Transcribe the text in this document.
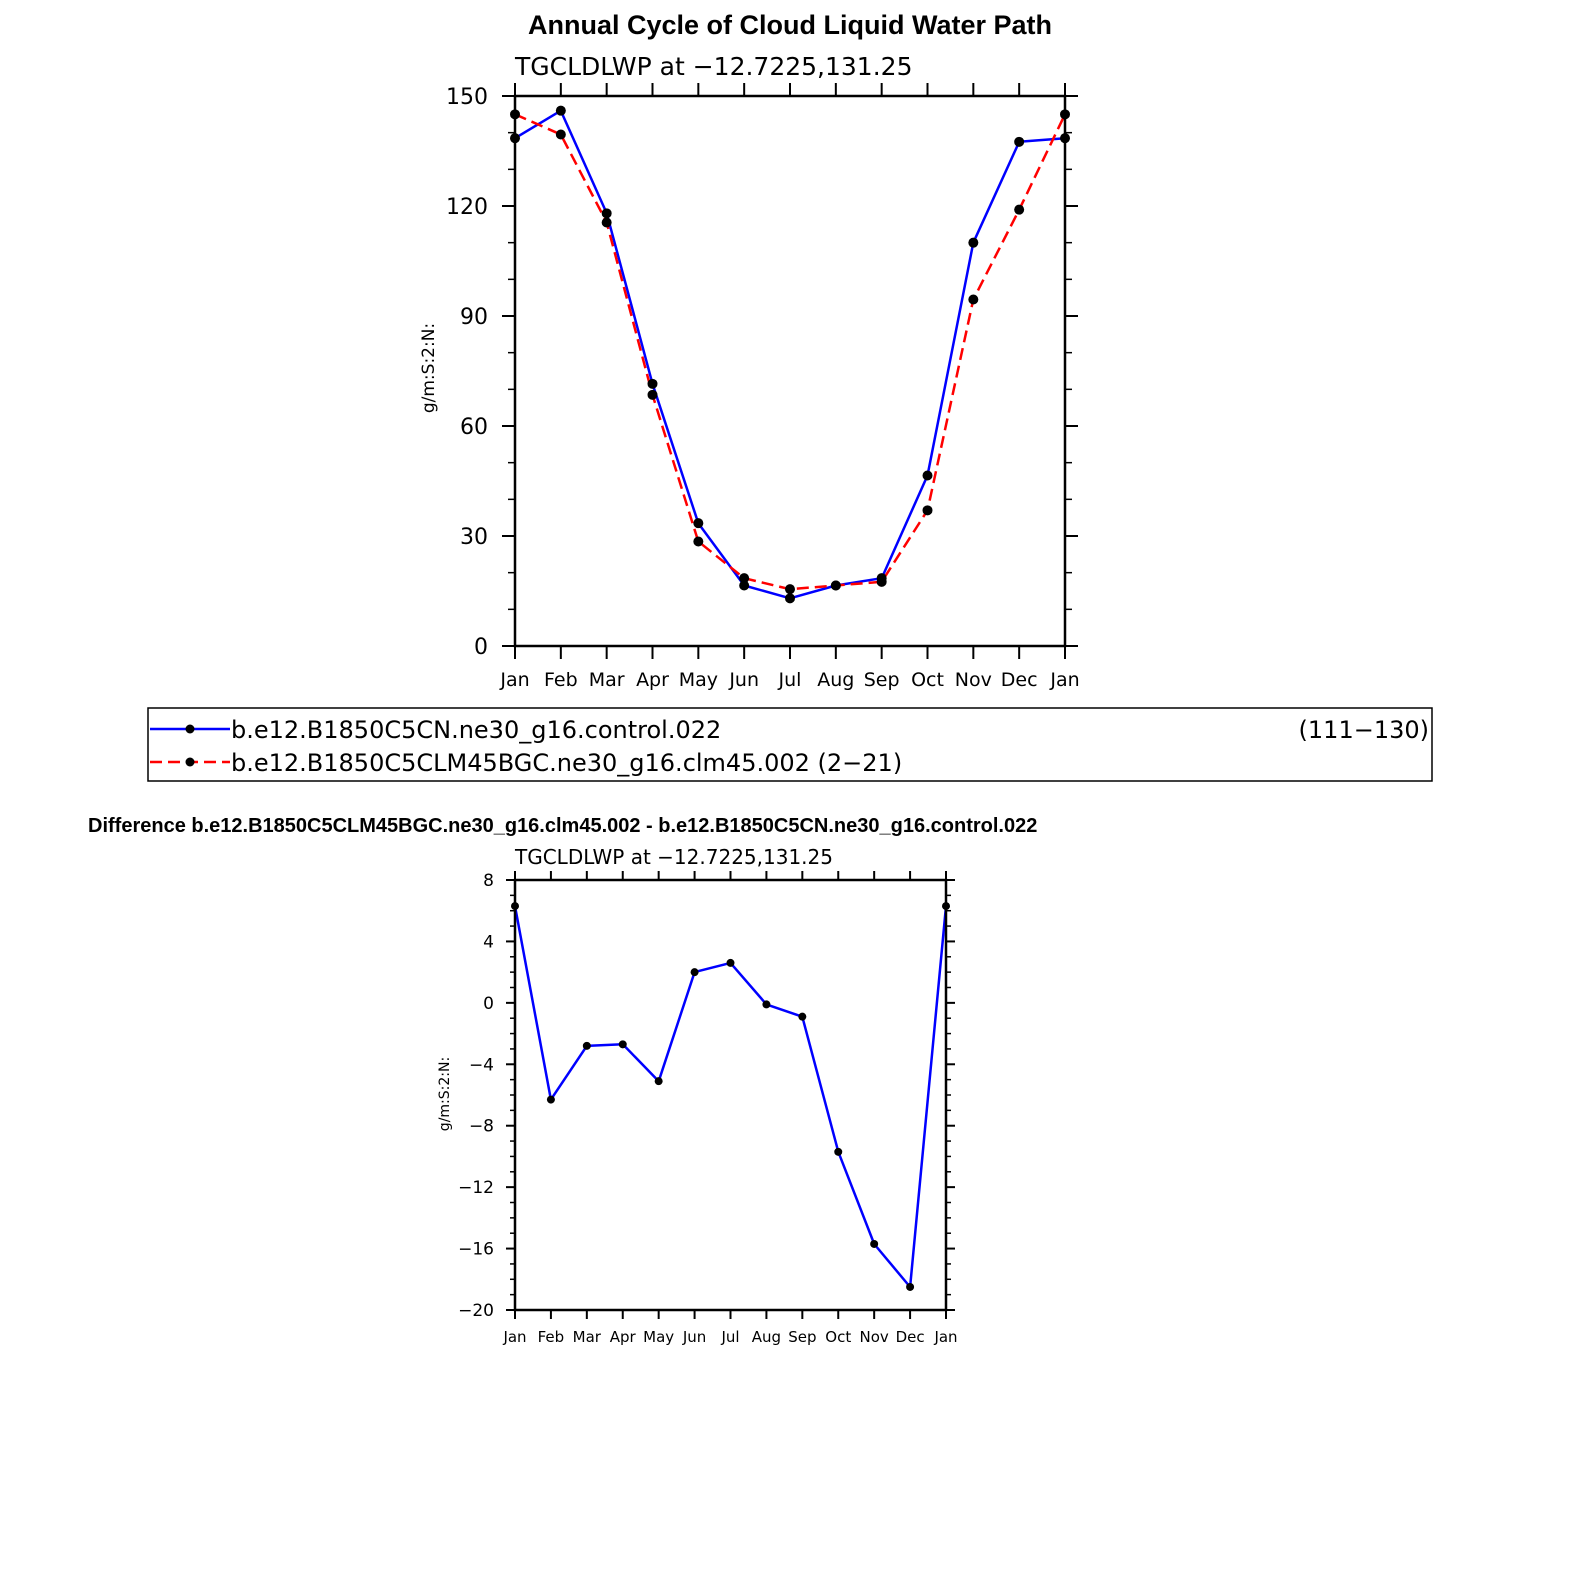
Annual Cycle of Cloud Liquid Water Path
TGCLDLWP at −12.7225,131.25
g/m:S:2:N:
0
30
60
90
120
150
Jan Feb Mar Apr May Jun Jul Aug Sep Oct Nov Dec Jan
b.e12.B1850C5CN.ne30_g16.control.022	(111−130)
b.e12.B1850C5CLM45BGC.ne30_g16.clm45.002 (2−21)
Difference b.e12.B1850C5CLM45BGC.ne30_g16.clm45.002 - b.e12.B1850C5CN.ne30_g16.control.022
TGCLDLWP at −12.7225,131.25
g/m:S:2:N:
−20
−16
−12
−8
−4
0
4
8
Jan Feb Mar Apr May Jun Jul Aug Sep Oct Nov Dec Jan
